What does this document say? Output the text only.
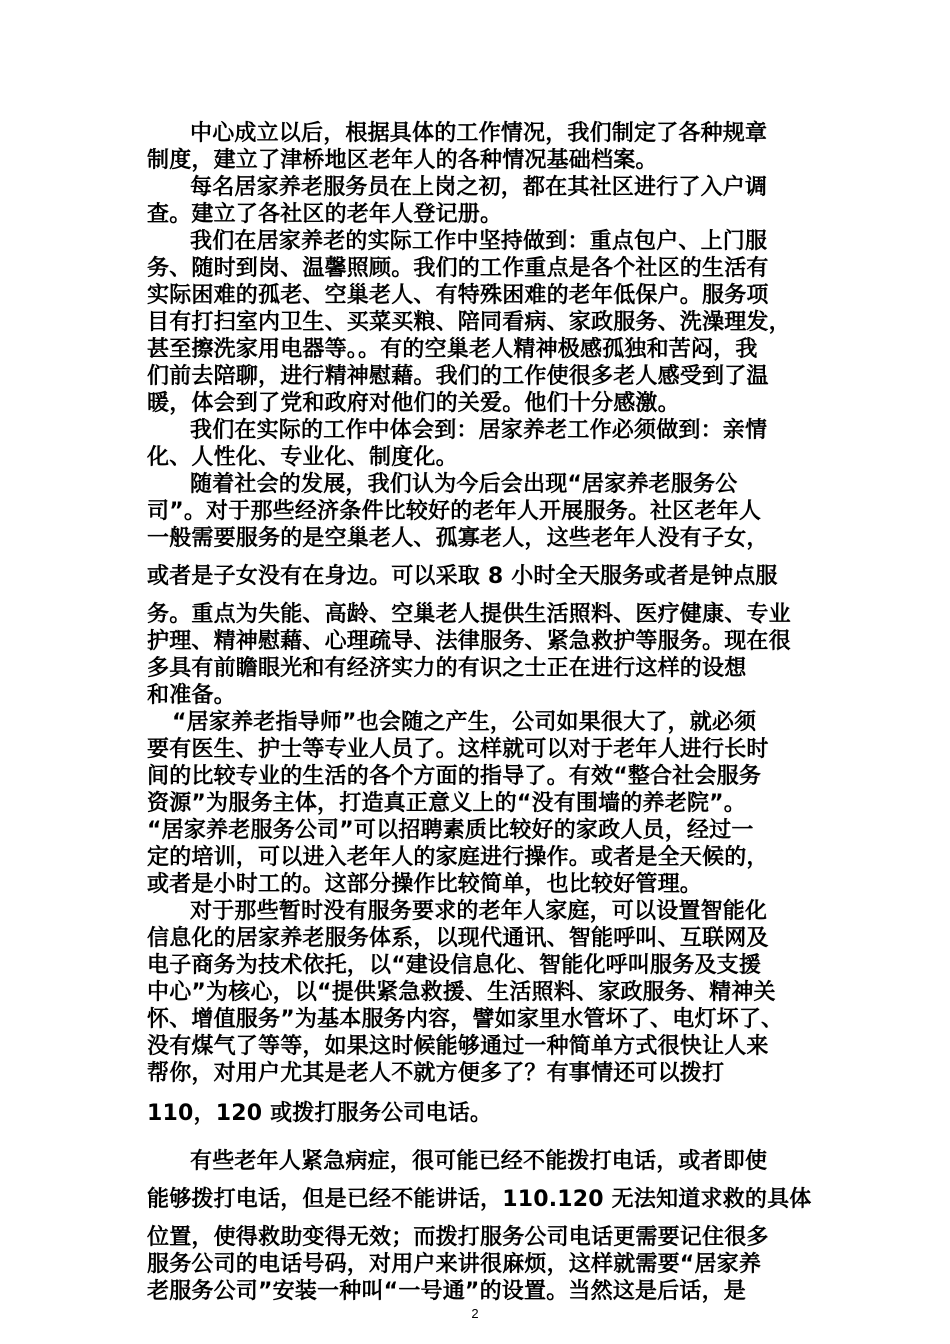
中心成立以后，根据具体的工作情况，我们制定了各种规章
制度，建立了津桥地区老年人的各种情况基础档案。
每名居家养老服务员在上岗之初，都在其社区进行了入户调
查。建立了各社区的老年人登记册。
我们在居家养老的实际工作中坚持做到：重点包户、上门服
务、随时到岗、温馨照顾。我们的工作重点是各个社区的生活有
实际困难的孤老、空巢老人、有特殊困难的老年低保户。服务项
目有打扫室内卫生、买菜买粮、陪同看病、家政服务、洗澡理发，
甚至擦洗家用电器等。。有的空巢老人精神极感孤独和苦闷，我
们前去陪聊，进行精神慰藉。我们的工作使很多老人感受到了温
暖，体会到了党和政府对他们的关爱。他们十分感激。
我们在实际的工作中体会到：居家养老工作必须做到：亲情
化、人性化、专业化、制度化。
随着社会的发展，我们认为今后会出现“居家养老服务公
司”。对于那些经济条件比较好的老年人开展服务。社区老年人
一般需要服务的是空巢老人、孤寡老人，这些老年人没有子女，
或者是子女没有在身边。可以采取 8 小时全天服务或者是钟点服
务。重点为失能、高龄、空巢老人提供生活照料、医疗健康、专业
护理、精神慰藉、心理疏导、法律服务、紧急救护等服务。现在很
多具有前瞻眼光和有经济实力的有识之士正在进行这样的设想
和准备。
“居家养老指导师”也会随之产生，公司如果很大了，就必须
要有医生、护士等专业人员了。这样就可以对于老年人进行长时
间的比较专业的生活的各个方面的指导了。有效“整合社会服务
资源”为服务主体，打造真正意义上的“没有围墙的养老院”。
“居家养老服务公司”可以招聘素质比较好的家政人员，经过一
定的培训，可以进入老年人的家庭进行操作。或者是全天候的，
或者是小时工的。这部分操作比较简单，也比较好管理。
对于那些暂时没有服务要求的老年人家庭，可以设置智能化
信息化的居家养老服务体系，以现代通讯、智能呼叫、互联网及
电子商务为技术依托，以“建设信息化、智能化呼叫服务及支援
中心”为核心，以“提供紧急救援、生活照料、家政服务、精神关
怀、增值服务”为基本服务内容，譬如家里水管坏了、电灯坏了、
没有煤气了等等，如果这时候能够通过一种简单方式很快让人来
帮你，对用户尤其是老人不就方便多了？有事情还可以拨打
110，120 或拨打服务公司电话。
有些老年人紧急病症，很可能已经不能拨打电话，或者即使
能够拨打电话，但是已经不能讲话，110.120 无法知道求救的具体
位置，使得救助变得无效；而拨打服务公司电话更需要记住很多
服务公司的电话号码，对用户来讲很麻烦，这样就需要“居家养
老服务公司”安装一种叫“一号通”的设置。当然这是后话，是
2
